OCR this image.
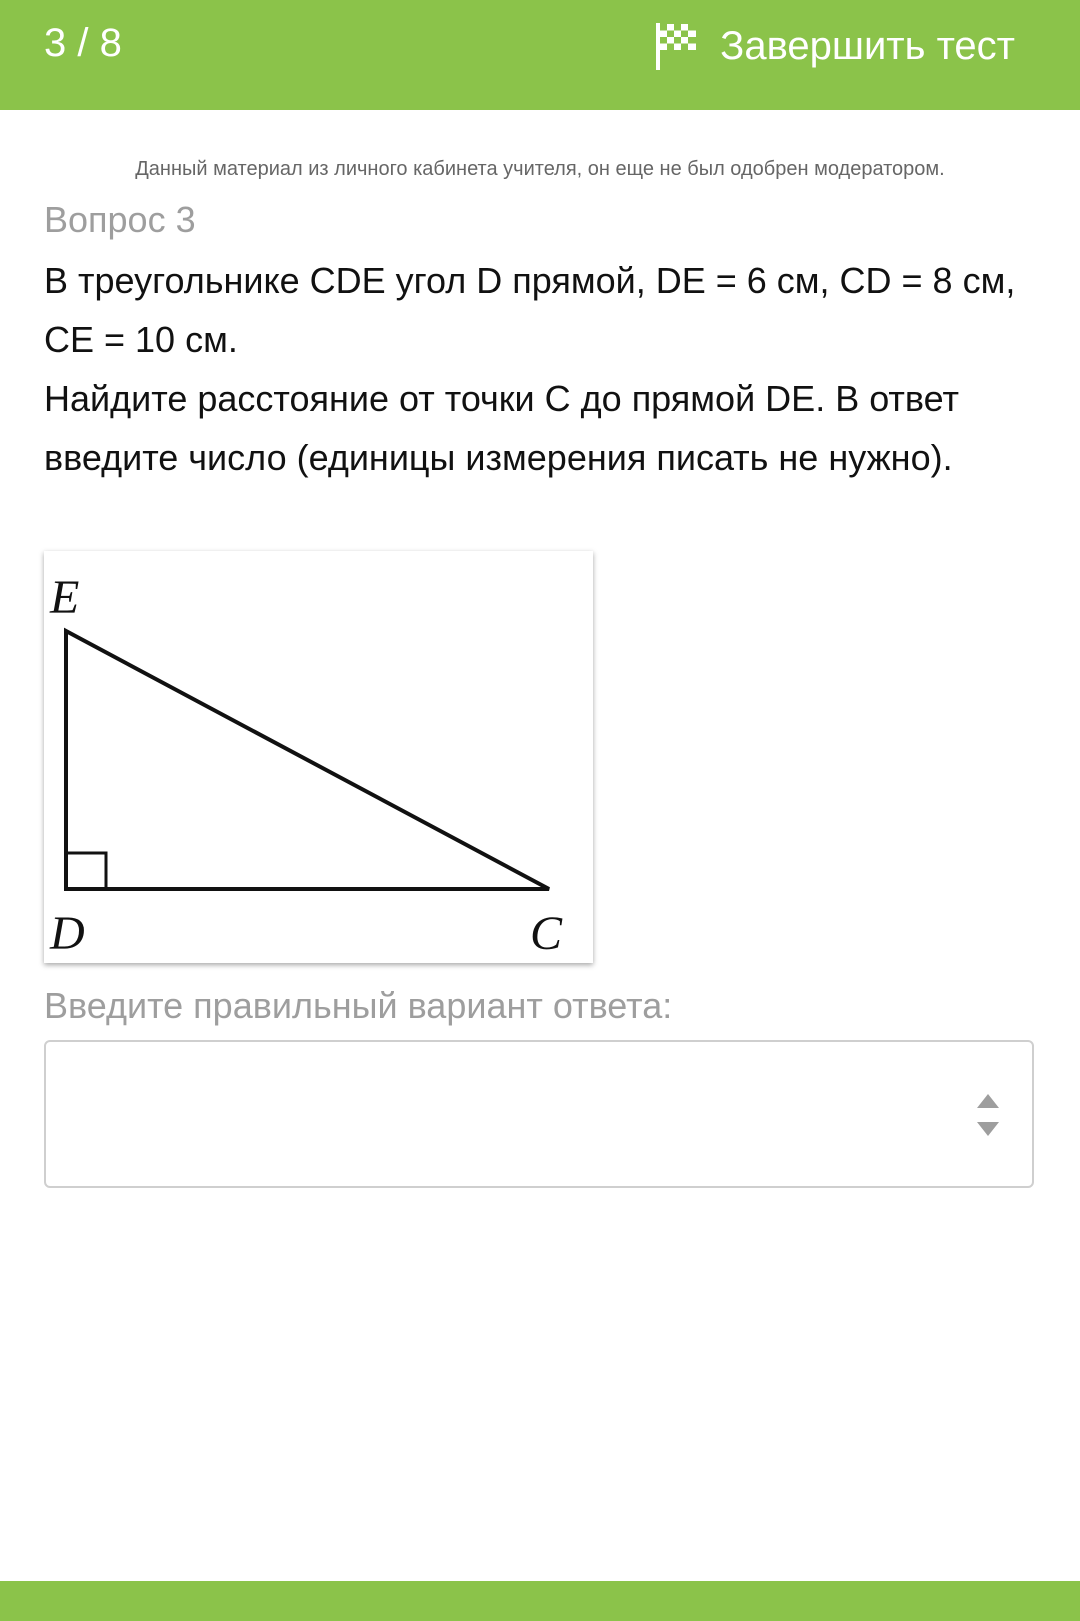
3 / 8	Завершить тест
Данный материал из личного кабинета учителя, он еще не был одобрен модератором.
Вопрос 3

В треугольнике CDE угол D прямой, DE = 6 см, CD = 8 см, CE = 10 см.

Найдите расстояние от точки C до прямой DE. В ответ введите число (единицы измерения писать не нужно).

E
D	C
Введите правильный вариант ответа:
